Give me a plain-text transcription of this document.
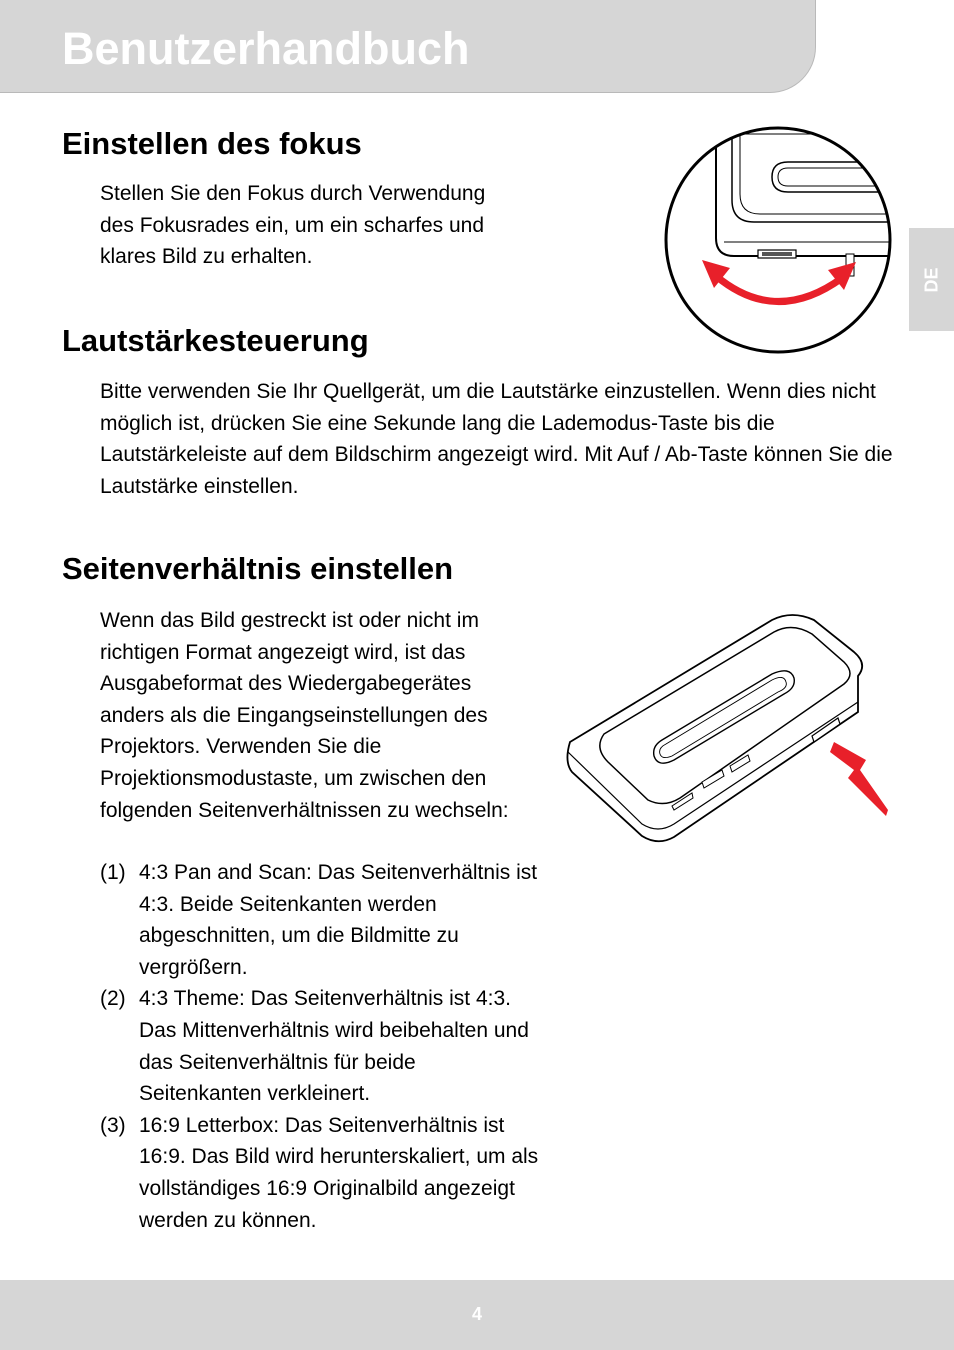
Benutzerhandbuch
DE
Einstellen des fokus

Stellen Sie den Fokus durch Verwendung des Fokusrades ein, um ein scharfes und klares Bild zu erhalten.

Lautstärkesteuerung

Bitte verwenden Sie Ihr Quellgerät, um die Lautstärke einzustellen. Wenn dies nicht möglich ist, drücken Sie eine Sekunde lang die Lademodus-Taste bis die Lautstärkeleiste auf dem Bildschirm angezeigt wird. Mit Auf / Ab-Taste können Sie die Lautstärke einstellen.

Seitenverhältnis einstellen

Wenn das Bild gestreckt ist oder nicht im richtigen Format angezeigt wird, ist das Ausgabeformat des Wiedergabegerätes anders als die Eingangseinstellungen des Projektors. Verwenden Sie die Projektionsmodustaste, um zwischen den folgenden Seitenverhältnissen zu wechseln:

(1) 4:3 Pan and Scan: Das Seitenverhältnis ist 4:3. Beide Seitenkanten werden abgeschnitten, um die Bildmitte zu vergrößern.
(2) 4:3 Theme: Das Seitenverhältnis ist 4:3. Das Mittenverhältnis wird beibehalten und das Seitenverhältnis für beide Seitenkanten verkleinert.
(3) 16:9 Letterbox: Das Seitenverhältnis ist 16:9. Das Bild wird herunterskaliert, um als vollständiges 16:9 Originalbild angezeigt werden zu können.
4
